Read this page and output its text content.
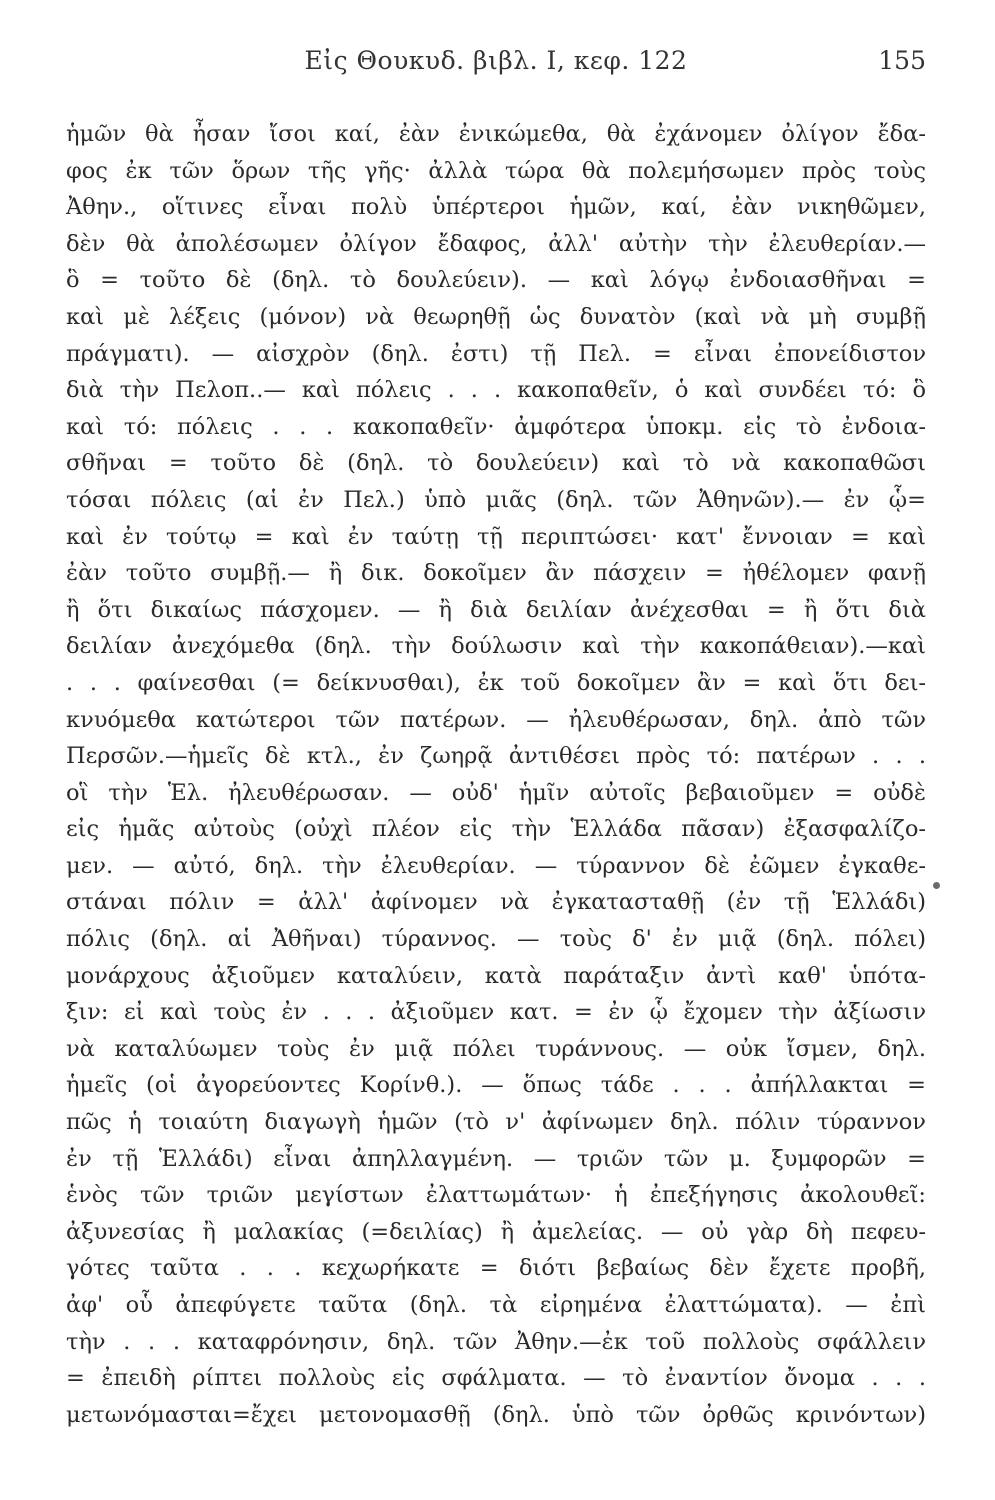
Εἰς Θουκυδ. βιβλ. I, κεφ. 122	155
ἡμῶν θὰ ἦσαν ἴσοι καί, ἐὰν ἐνικώμεθα, θὰ ἐχάνομεν ὀλίγον ἔδα-
φος ἐκ τῶν ὅρων τῆς γῆς· ἀλλὰ τώρα θὰ πολεμήσωμεν πρὸς τοὺς
Ἀθην., οἵτινες εἶναι πολὺ ὑπέρτεροι ἡμῶν, καί, ἐὰν νικηθῶμεν,
δὲν θὰ ἀπολέσωμεν ὀλίγον ἔδαφος, ἀλλ' αὐτὴν τὴν ἐλευθερίαν.—
ὃ = τοῦτο δὲ (δηλ. τὸ δουλεύειν). — καὶ λόγῳ ἐνδοιασθῆναι =
καὶ μὲ λέξεις (μόνον) νὰ θεωρηθῇ ὡς δυνατὸν (καὶ νὰ μὴ συμβῇ
πράγματι). — αἰσχρὸν (δηλ. ἐστι) τῇ Πελ. = εἶναι ἐπονείδιστον
διὰ τὴν Πελοπ..— καὶ πόλεις . . . κακοπαθεῖν, ὁ καὶ συνδέει τό: ὃ
καὶ τό: πόλεις . . . κακοπαθεῖν· ἀμφότερα ὑποκμ. εἰς τὸ ἐνδοια-
σθῆναι = τοῦτο δὲ (δηλ. τὸ δουλεύειν) καὶ τὸ νὰ κακοπαθῶσι
τόσαι πόλεις (αἱ ἐν Πελ.) ὑπὸ μιᾶς (δηλ. τῶν Ἀθηνῶν).— ἐν ᾧ=
καὶ ἐν τούτῳ = καὶ ἐν ταύτῃ τῇ περιπτώσει· κατ' ἔννοιαν = καὶ
ἐὰν τοῦτο συμβῇ.— ἢ δικ. δοκοῖμεν ἂν πάσχειν = ἠθέλομεν φανῇ
ἢ ὅτι δικαίως πάσχομεν. — ἢ διὰ δειλίαν ἀνέχεσθαι = ἢ ὅτι διὰ
δειλίαν ἀνεχόμεθα (δηλ. τὴν δούλωσιν καὶ τὴν κακοπάθειαν).—καὶ
. . . φαίνεσθαι (= δείκνυσθαι), ἐκ τοῦ δοκοῖμεν ἂν = καὶ ὅτι δει-
κνυόμεθα κατώτεροι τῶν πατέρων. — ἠλευθέρωσαν, δηλ. ἀπὸ τῶν
Περσῶν.—ἡμεῖς δὲ κτλ., ἐν ζωηρᾷ ἀντιθέσει πρὸς τό: πατέρων . . .
οἳ τὴν Ἑλ. ἠλευθέρωσαν. — οὐδ' ἡμῖν αὐτοῖς βεβαιοῦμεν = οὐδὲ
εἰς ἡμᾶς αὐτοὺς (οὐχὶ πλέον εἰς τὴν Ἑλλάδα πᾶσαν) ἐξασφαλίζο-
μεν. — αὐτό, δηλ. τὴν ἐλευθερίαν. — τύραννον δὲ ἐῶμεν ἐγκαθε-
στάναι πόλιν = ἀλλ' ἀφίνομεν νὰ ἐγκατασταθῇ (ἐν τῇ Ἑλλάδι)
πόλις (δηλ. αἱ Ἀθῆναι) τύραννος. — τοὺς δ' ἐν μιᾷ (δηλ. πόλει)
μονάρχους ἀξιοῦμεν καταλύειν, κατὰ παράταξιν ἀντὶ καθ' ὑπότα-
ξιν: εἰ καὶ τοὺς ἐν . . . ἀξιοῦμεν κατ. = ἐν ᾧ ἔχομεν τὴν ἀξίωσιν
νὰ καταλύωμεν τοὺς ἐν μιᾷ πόλει τυράννους. — οὐκ ἴσμεν, δηλ.
ἡμεῖς (οἱ ἀγορεύοντες Κορίνθ.). — ὅπως τάδε . . . ἀπήλλακται =
πῶς ἡ τοιαύτη διαγωγὴ ἡμῶν (τὸ ν' ἀφίνωμεν δηλ. πόλιν τύραννον
ἐν τῇ Ἑλλάδι) εἶναι ἀπηλλαγμένη. — τριῶν τῶν μ. ξυμφορῶν =
ἑνὸς τῶν τριῶν μεγίστων ἐλαττωμάτων· ἡ ἐπεξήγησις ἀκολουθεῖ:
ἀξυνεσίας ἢ μαλακίας (=δειλίας) ἢ ἀμελείας. — οὐ γὰρ δὴ πεφευ-
γότες ταῦτα . . . κεχωρήκατε = διότι βεβαίως δὲν ἔχετε προβῆ,
ἀφ' οὗ ἀπεφύγετε ταῦτα (δηλ. τὰ εἰρημένα ἐλαττώματα). — ἐπὶ
τὴν . . . καταφρόνησιν, δηλ. τῶν Ἀθην.—ἐκ τοῦ πολλοὺς σφάλλειν
= ἐπειδὴ ρίπτει πολλοὺς εἰς σφάλματα. — τὸ ἐναντίον ὄνομα . . .
μετωνόμασται=ἔχει μετονομασθῇ (δηλ. ὑπὸ τῶν ὀρθῶς κρινόντων)
